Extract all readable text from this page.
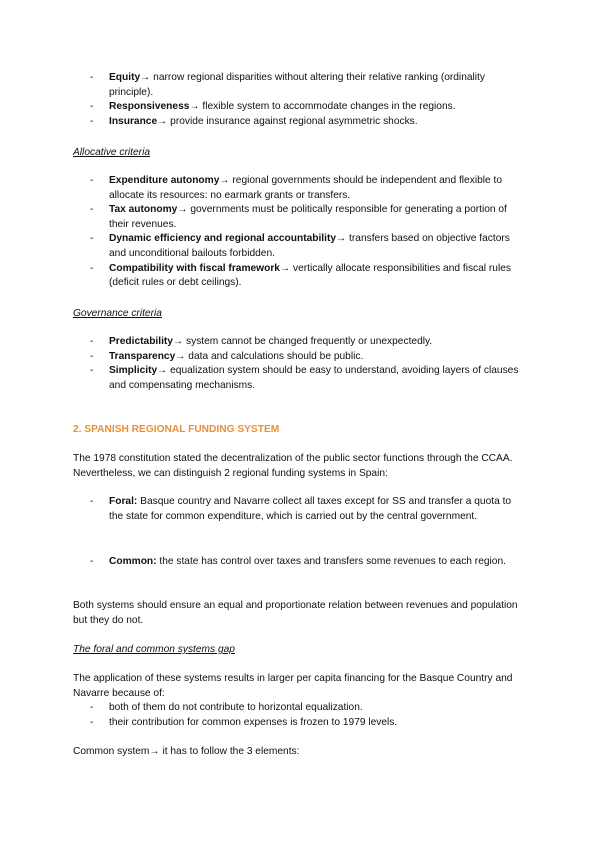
- Equity→ narrow regional disparities without altering their relative ranking (ordinality principle).
- Responsiveness→ flexible system to accommodate changes in the regions.
- Insurance→ provide insurance against regional asymmetric shocks.
Allocative criteria
- Expenditure autonomy→ regional governments should be independent and flexible to allocate its resources: no earmark grants or transfers.
- Tax autonomy→ governments must be politically responsible for generating a portion of their revenues.
- Dynamic efficiency and regional accountability→ transfers based on objective factors and unconditional bailouts forbidden.
- Compatibility with fiscal framework→ vertically allocate responsibilities and fiscal rules (deficit rules or debt ceilings).
Governance criteria
- Predictability→ system cannot be changed frequently or unexpectedly.
- Transparency→ data and calculations should be public.
- Simplicity→ equalization system should be easy to understand, avoiding layers of clauses and compensating mechanisms.
2. SPANISH REGIONAL FUNDING SYSTEM
The 1978 constitution stated the decentralization of the public sector functions through the CCAA. Nevertheless, we can distinguish 2 regional funding systems in Spain:
- Foral: Basque country and Navarre collect all taxes except for SS and transfer a quota to the state for common expenditure, which is carried out by the central government.
- Common: the state has control over taxes and transfers some revenues to each region.
Both systems should ensure an equal and proportionate relation between revenues and population but they do not.
The foral and common systems gap
The application of these systems results in larger per capita financing for the Basque Country and Navarre because of:
- both of them do not contribute to horizontal equalization.
- their contribution for common expenses is frozen to 1979 levels.
Common system→ it has to follow the 3 elements:
